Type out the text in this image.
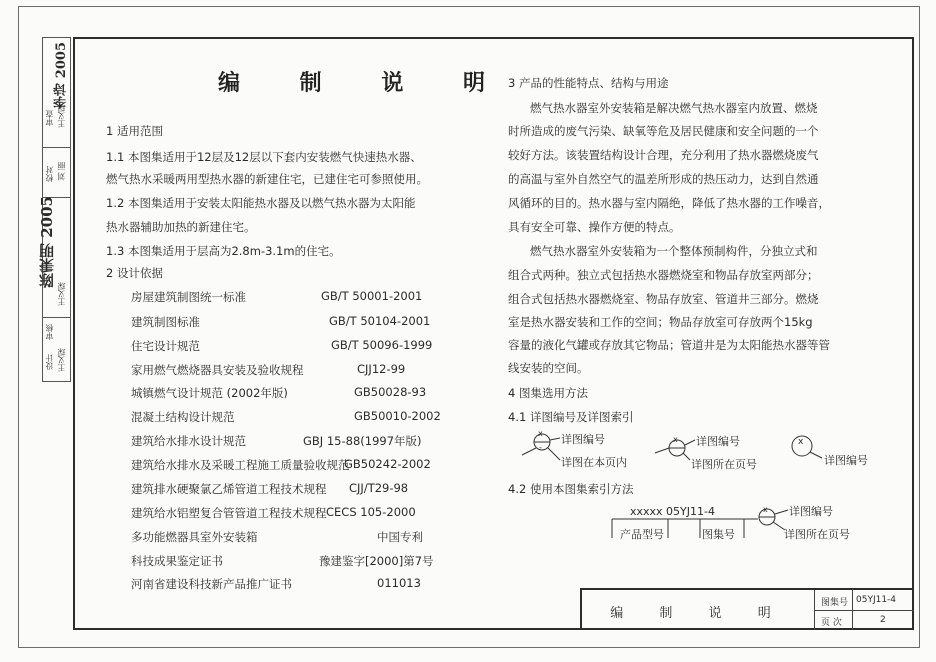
审查 王义琛
校对 刘 丽
王义琛
审核
设计 王义琛
李诗 2005
陈秉明 2005
编 制 说 明
1 适用范围
1.1 本图集适用于12层及12层以下套内安装燃气快速热水器、
燃气热水采暖两用型热水器的新建住宅，已建住宅可参照使用。
1.2 本图集适用于安装太阳能热水器及以燃气热水器为太阳能
热水器辅助加热的新建住宅。
1.3 本图集适用于层高为2.8m-3.1m的住宅。
2 设计依据
房屋建筑制图统一标准	GB/T 50001-2001
建筑制图标准	GB/T 50104-2001
住宅设计规范	GB/T 50096-1999
家用燃气燃烧器具安装及验收规程	CJJ12-99
城镇燃气设计规范 (2002年版)	GB50028-93
混凝土结构设计规范	GB50010-2002
建筑给水排水设计规范	GBJ 15-88(1997年版)
建筑给水排水及采暖工程施工质量验收规范
GB50242-2002
建筑排水硬聚氯乙烯管道工程技术规程 CJJ/T29-98
建筑给水铝塑复合管管道工程技术规程 CECS 105-2000
多功能燃器具室外安装箱	中国专利
科技成果鉴定证书	豫建鉴字[2000]第7号
河南省建设科技新产品推广证书	011013
3 产品的性能特点、结构与用途
燃气热水器室外安装箱是解决燃气热水器室内放置、燃烧
时所造成的废气污染、缺氧等危及居民健康和安全问题的一个
较好方法。该装置结构设计合理，充分利用了热水器燃烧废气
的高温与室外自然空气的温差所形成的热压动力，达到自然通
风循环的目的。热水器与室内隔绝，降低了热水器的工作噪音，
具有安全可靠、操作方便的特点。
燃气热水器室外安装箱为一个整体预制构件，分独立式和
组合式两种。独立式包括热水器燃烧室和物品存放室两部分；
组合式包括热水器燃烧室、物品存放室、管道井三部分。燃烧
室是热水器安装和工作的空间；物品存放室可存放两个15kg
容量的液化气罐或存放其它物品；管道井是为太阳能热水器等管
线安装的空间。
4 图集选用方法
4.1 详图编号及详图索引
4.2 使用本图集索引方法
x
-
详图编号
详图在本页内
x 详图编号
详图所在页号
x
详图编号
xxxxx 05YJ11-4
产品型号	图集号
x 详图编号
详图所在页号
编 制 说 明
图集号 05YJ11-4
页 次	2
